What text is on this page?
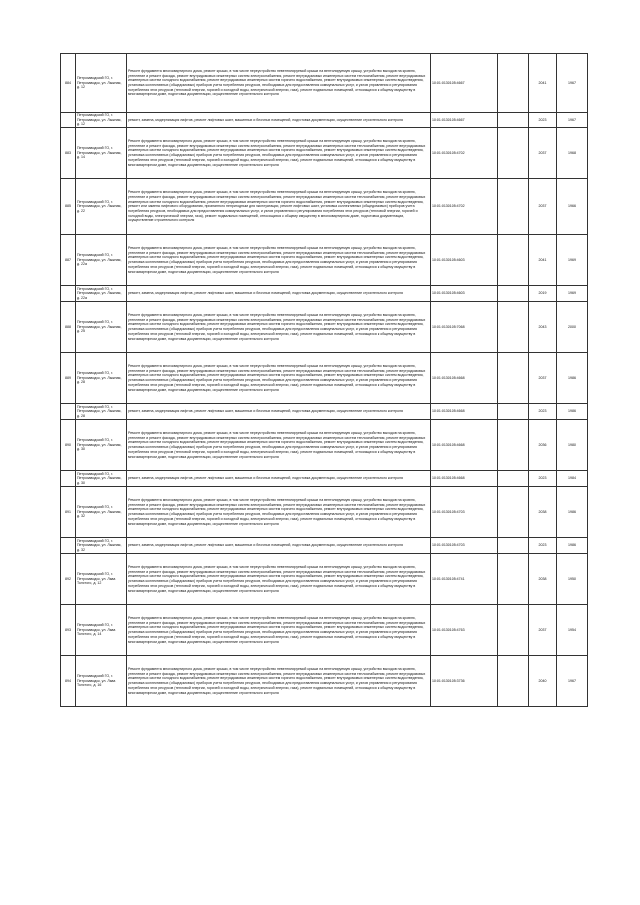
884	Петрозаводский ГО, г. Петрозаводск, ул. Лыжная, д. 12	Ремонт фундамента многоквартирного дома, ремонт крыши, в том числе переустройство невентилируемой крыши на вентилируемую крышу, устройство выходов на кровлю, утепление и ремонт фасада, ремонт внутридомовых инженерных систем электроснабжения, ремонт внутридомовых инженерных систем теплоснабжения, ремонт внутридомовых инженерных систем холодного водоснабжения, ремонт внутридомовых инженерных систем горячего водоснабжения, ремонт внутридомовых инженерных систем водоотведения, установка коллективных (общедомовых) приборов учета потребления ресурсов, необходимых для предоставления коммунальных услуг, и узлов управления и регулирования потребления этих ресурсов (тепловой энергии, горячей и холодной воды, электрической энергии, газа), ремонт подвальных помещений, относящихся к общему имуществу в многоквартирном доме, подготовка документации, осуществление строительного контроля	10:01:0130105:4667		2041	1967
	Петрозаводский ГО, г. Петрозаводск, ул. Лыжная, д. 12	ремонт, замена, модернизация лифтов, ремонт лифтовых шахт, машинных и блочных помещений, подготовка документации, осуществление строительного контроля	10:01:0130105:4667		2023	1967
883	Петрозаводский ГО, г. Петрозаводск, ул. Лыжная, д. 14	Ремонт фундамента многоквартирного дома, ремонт крыши, в том числе переустройство невентилируемой крыши на вентилируемую крышу, устройство выходов на кровлю, утепление и ремонт фасада, ремонт внутридомовых инженерных систем электроснабжения, ремонт внутридомовых инженерных систем теплоснабжения, ремонт внутридомовых инженерных систем холодного водоснабжения, ремонт внутридомовых инженерных систем горячего водоснабжения, ремонт внутридомовых инженерных систем водоотведения, установка коллективных (общедомовых) приборов учета потребления ресурсов, необходимых для предоставления коммунальных услуг, и узлов управления и регулирования потребления этих ресурсов (тепловой энергии, горячей и холодной воды, электрической энергии, газа), ремонт подвальных помещений, относящихся к общему имуществу в многоквартирном доме, подготовка документации, осуществление строительного контроля	10:01:0130105:4702		2037	1968
885	Петрозаводский ГО, г. Петрозаводск, ул. Лыжная, д. 22	Ремонт фундамента многоквартирного дома, ремонт крыши, в том числе переустройство невентилируемой крыши на вентилируемую крышу, устройство выходов на кровлю, утепление и ремонт фасада, ремонт внутридомовых инженерных систем электроснабжения, ремонт внутридомовых инженерных систем теплоснабжения, ремонт внутридомовых инженерных систем холодного водоснабжения, ремонт внутридомовых инженерных систем горячего водоснабжения, ремонт внутридомовых инженерных систем водоотведения, ремонт или замена лифтового оборудования, признанного непригодным для эксплуатации, ремонт лифтовых шахт, установка коллективных (общедомовых) приборов учета потребления ресурсов, необходимых для предоставления коммунальных услуг, и узлов управления и регулирования потребления этих ресурсов (тепловой энергии, горячей и холодной воды, электрической энергии, газа), ремонт подвальных помещений, относящихся к общему имуществу в многоквартирном доме, подготовка документации, осуществление строительного контроля	10:01:0130105:4702		2037	1966
887	Петрозаводский ГО, г. Петрозаводск, ул. Лыжная, д. 22а	Ремонт фундамента многоквартирного дома, ремонт крыши, в том числе переустройство невентилируемой крыши на вентилируемую крышу, устройство выходов на кровлю, утепление и ремонт фасада, ремонт внутридомовых инженерных систем электроснабжения, ремонт внутридомовых инженерных систем теплоснабжения, ремонт внутридомовых инженерных систем холодного водоснабжения, ремонт внутридомовых инженерных систем горячего водоснабжения, ремонт внутридомовых инженерных систем водоотведения, установка коллективных (общедомовых) приборов учета потребления ресурсов, необходимых для предоставления коммунальных услуг, и узлов управления и регулирования потребления этих ресурсов (тепловой энергии, горячей и холодной воды, электрической энергии, газа), ремонт подвальных помещений, относящихся к общему имуществу в многоквартирном доме, подготовка документации, осуществление строительного контроля	10:01:0130105:4603		2041	1969
	Петрозаводский ГО, г. Петрозаводск, ул. Лыжная, д. 22а	ремонт, замена, модернизация лифтов, ремонт лифтовых шахт, машинных и блочных помещений, подготовка документации, осуществление строительного контроля	10:01:0130105:4603		2019	1969
888	Петрозаводский ГО, г. Петрозаводск, ул. Лыжная, д. 25	Ремонт фундамента многоквартирного дома, ремонт крыши, в том числе переустройство невентилируемой крыши на вентилируемую крышу, устройство выходов на кровлю, утепление и ремонт фасада, ремонт внутридомовых инженерных систем электроснабжения, ремонт внутридомовых инженерных систем теплоснабжения, ремонт внутридомовых инженерных систем холодного водоснабжения, ремонт внутридомовых инженерных систем горячего водоснабжения, ремонт внутридомовых инженерных систем водоотведения, установка коллективных (общедомовых) приборов учета потребления ресурсов, необходимых для предоставления коммунальных услуг, и узлов управления и регулирования потребления этих ресурсов (тепловой энергии, горячей и холодной воды, электрической энергии, газа), ремонт подвальных помещений, относящихся к общему имуществу в многоквартирном доме, подготовка документации, осуществление строительного контроля	10:01:0130105:7068		2043	2000
889	Петрозаводский ГО, г. Петрозаводск, ул. Лыжная, д. 28	Ремонт фундамента многоквартирного дома, ремонт крыши, в том числе переустройство невентилируемой крыши на вентилируемую крышу, устройство выходов на кровлю, утепление и ремонт фасада, ремонт внутридомовых инженерных систем электроснабжения, ремонт внутридомовых инженерных систем теплоснабжения, ремонт внутридомовых инженерных систем холодного водоснабжения, ремонт внутридомовых инженерных систем горячего водоснабжения, ремонт внутридомовых инженерных систем водоотведения, установка коллективных (общедомовых) приборов учета потребления ресурсов, необходимых для предоставления коммунальных услуг, и узлов управления и регулирования потребления этих ресурсов (тепловой энергии, горячей и холодной воды, электрической энергии, газа), ремонт подвальных помещений, относящихся к общему имуществу в многоквартирном доме, подготовка документации, осуществление строительного контроля	10:01:0130105:4668		2037	1986
	Петрозаводский ГО, г. Петрозаводск, ул. Лыжная, д. 28	ремонт, замена, модернизация лифтов, ремонт лифтовых шахт, машинных и блочных помещений, подготовка документации, осуществление строительного контроля	10:01:0130105:4668		2023	1986
890	Петрозаводский ГО, г. Петрозаводск, ул. Лыжная, д. 30	Ремонт фундамента многоквартирного дома, ремонт крыши, в том числе переустройство невентилируемой крыши на вентилируемую крышу, устройство выходов на кровлю, утепление и ремонт фасада, ремонт внутридомовых инженерных систем электроснабжения, ремонт внутридомовых инженерных систем теплоснабжения, ремонт внутридомовых инженерных систем холодного водоснабжения, ремонт внутридомовых инженерных систем горячего водоснабжения, ремонт внутридомовых инженерных систем водоотведения, установка коллективных (общедомовых) приборов учета потребления ресурсов, необходимых для предоставления коммунальных услуг, и узлов управления и регулирования потребления этих ресурсов (тепловой энергии, горячей и холодной воды, электрической энергии, газа), ремонт подвальных помещений, относящихся к общему имуществу в многоквартирном доме, подготовка документации, осуществление строительного контроля	10:01:0130105:4668		2036	1980
	Петрозаводский ГО, г. Петрозаводск, ул. Лыжная, д. 30	ремонт, замена, модернизация лифтов, ремонт лифтовых шахт, машинных и блочных помещений, подготовка документации, осуществление строительного контроля	10:01:0130105:4668		2023	1984
891	Петрозаводский ГО, г. Петрозаводск, ул. Лыжная, д. 32	Ремонт фундамента многоквартирного дома, ремонт крыши, в том числе переустройство невентилируемой крыши на вентилируемую крышу, устройство выходов на кровлю, утепление и ремонт фасада, ремонт внутридомовых инженерных систем электроснабжения, ремонт внутридомовых инженерных систем теплоснабжения, ремонт внутридомовых инженерных систем холодного водоснабжения, ремонт внутридомовых инженерных систем горячего водоснабжения, ремонт внутридомовых инженерных систем водоотведения, установка коллективных (общедомовых) приборов учета потребления ресурсов, необходимых для предоставления коммунальных услуг, и узлов управления и регулирования потребления этих ресурсов (тепловой энергии, горячей и холодной воды, электрической энергии, газа), ремонт подвальных помещений, относящихся к общему имуществу в многоквартирном доме, подготовка документации, осуществление строительного контроля	10:01:0130105:4703		2038	1986
	Петрозаводский ГО, г. Петрозаводск, ул. Лыжная, д. 32	ремонт, замена, модернизация лифтов, ремонт лифтовых шахт, машинных и блочных помещений, подготовка документации, осуществление строительного контроля	10:01:0130105:4703		2023	1986
892	Петрозаводский ГО, г. Петрозаводск, ул. Льва Толстого, д. 12	Ремонт фундамента многоквартирного дома, ремонт крыши, в том числе переустройство невентилируемой крыши на вентилируемую крышу, устройство выходов на кровлю, утепление и ремонт фасада, ремонт внутридомовых инженерных систем электроснабжения, ремонт внутридомовых инженерных систем теплоснабжения, ремонт внутридомовых инженерных систем холодного водоснабжения, ремонт внутридомовых инженерных систем горячего водоснабжения, ремонт внутридомовых инженерных систем водоотведения, установка коллективных (общедомовых) приборов учета потребления ресурсов, необходимых для предоставления коммунальных услуг, и узлов управления и регулирования потребления этих ресурсов (тепловой энергии, горячей и холодной воды, электрической энергии, газа), ремонт подвальных помещений, относящихся к общему имуществу в многоквартирном доме, подготовка документации, осуществление строительного контроля	10:01:0130105:4741		2038	1950
893	Петрозаводский ГО, г. Петрозаводск, ул. Льва Толстого, д. 14	Ремонт фундамента многоквартирного дома, ремонт крыши, в том числе переустройство невентилируемой крыши на вентилируемую крышу, устройство выходов на кровлю, утепление и ремонт фасада, ремонт внутридомовых инженерных систем электроснабжения, ремонт внутридомовых инженерных систем теплоснабжения, ремонт внутридомовых инженерных систем холодного водоснабжения, ремонт внутридомовых инженерных систем горячего водоснабжения, ремонт внутридомовых инженерных систем водоотведения, установка коллективных (общедомовых) приборов учета потребления ресурсов, необходимых для предоставления коммунальных услуг, и узлов управления и регулирования потребления этих ресурсов (тепловой энергии, горячей и холодной воды, электрической энергии, газа), ремонт подвальных помещений, относящихся к общему имуществу в многоквартирном доме, подготовка документации, осуществление строительного контроля	10:01:0130105:4763		2037	1954
894	Петрозаводский ГО, г. Петрозаводск, ул. Льва Толстого, д. 16	Ремонт фундамента многоквартирного дома, ремонт крыши, в том числе переустройство невентилируемой крыши на вентилируемую крышу, устройство выходов на кровлю, утепление и ремонт фасада, ремонт внутридомовых инженерных систем электроснабжения, ремонт внутридомовых инженерных систем теплоснабжения, ремонт внутридомовых инженерных систем холодного водоснабжения, ремонт внутридомовых инженерных систем горячего водоснабжения, ремонт внутридомовых инженерных систем водоотведения, установка коллективных (общедомовых) приборов учета потребления ресурсов, необходимых для предоставления коммунальных услуг, и узлов управления и регулирования потребления этих ресурсов (тепловой энергии, горячей и холодной воды, электрической энергии, газа), ремонт подвальных помещений, относящихся к общему имуществу в многоквартирном доме, подготовка документации, осуществление строительного контроля	10:01:0130105:3736		2040	1967
